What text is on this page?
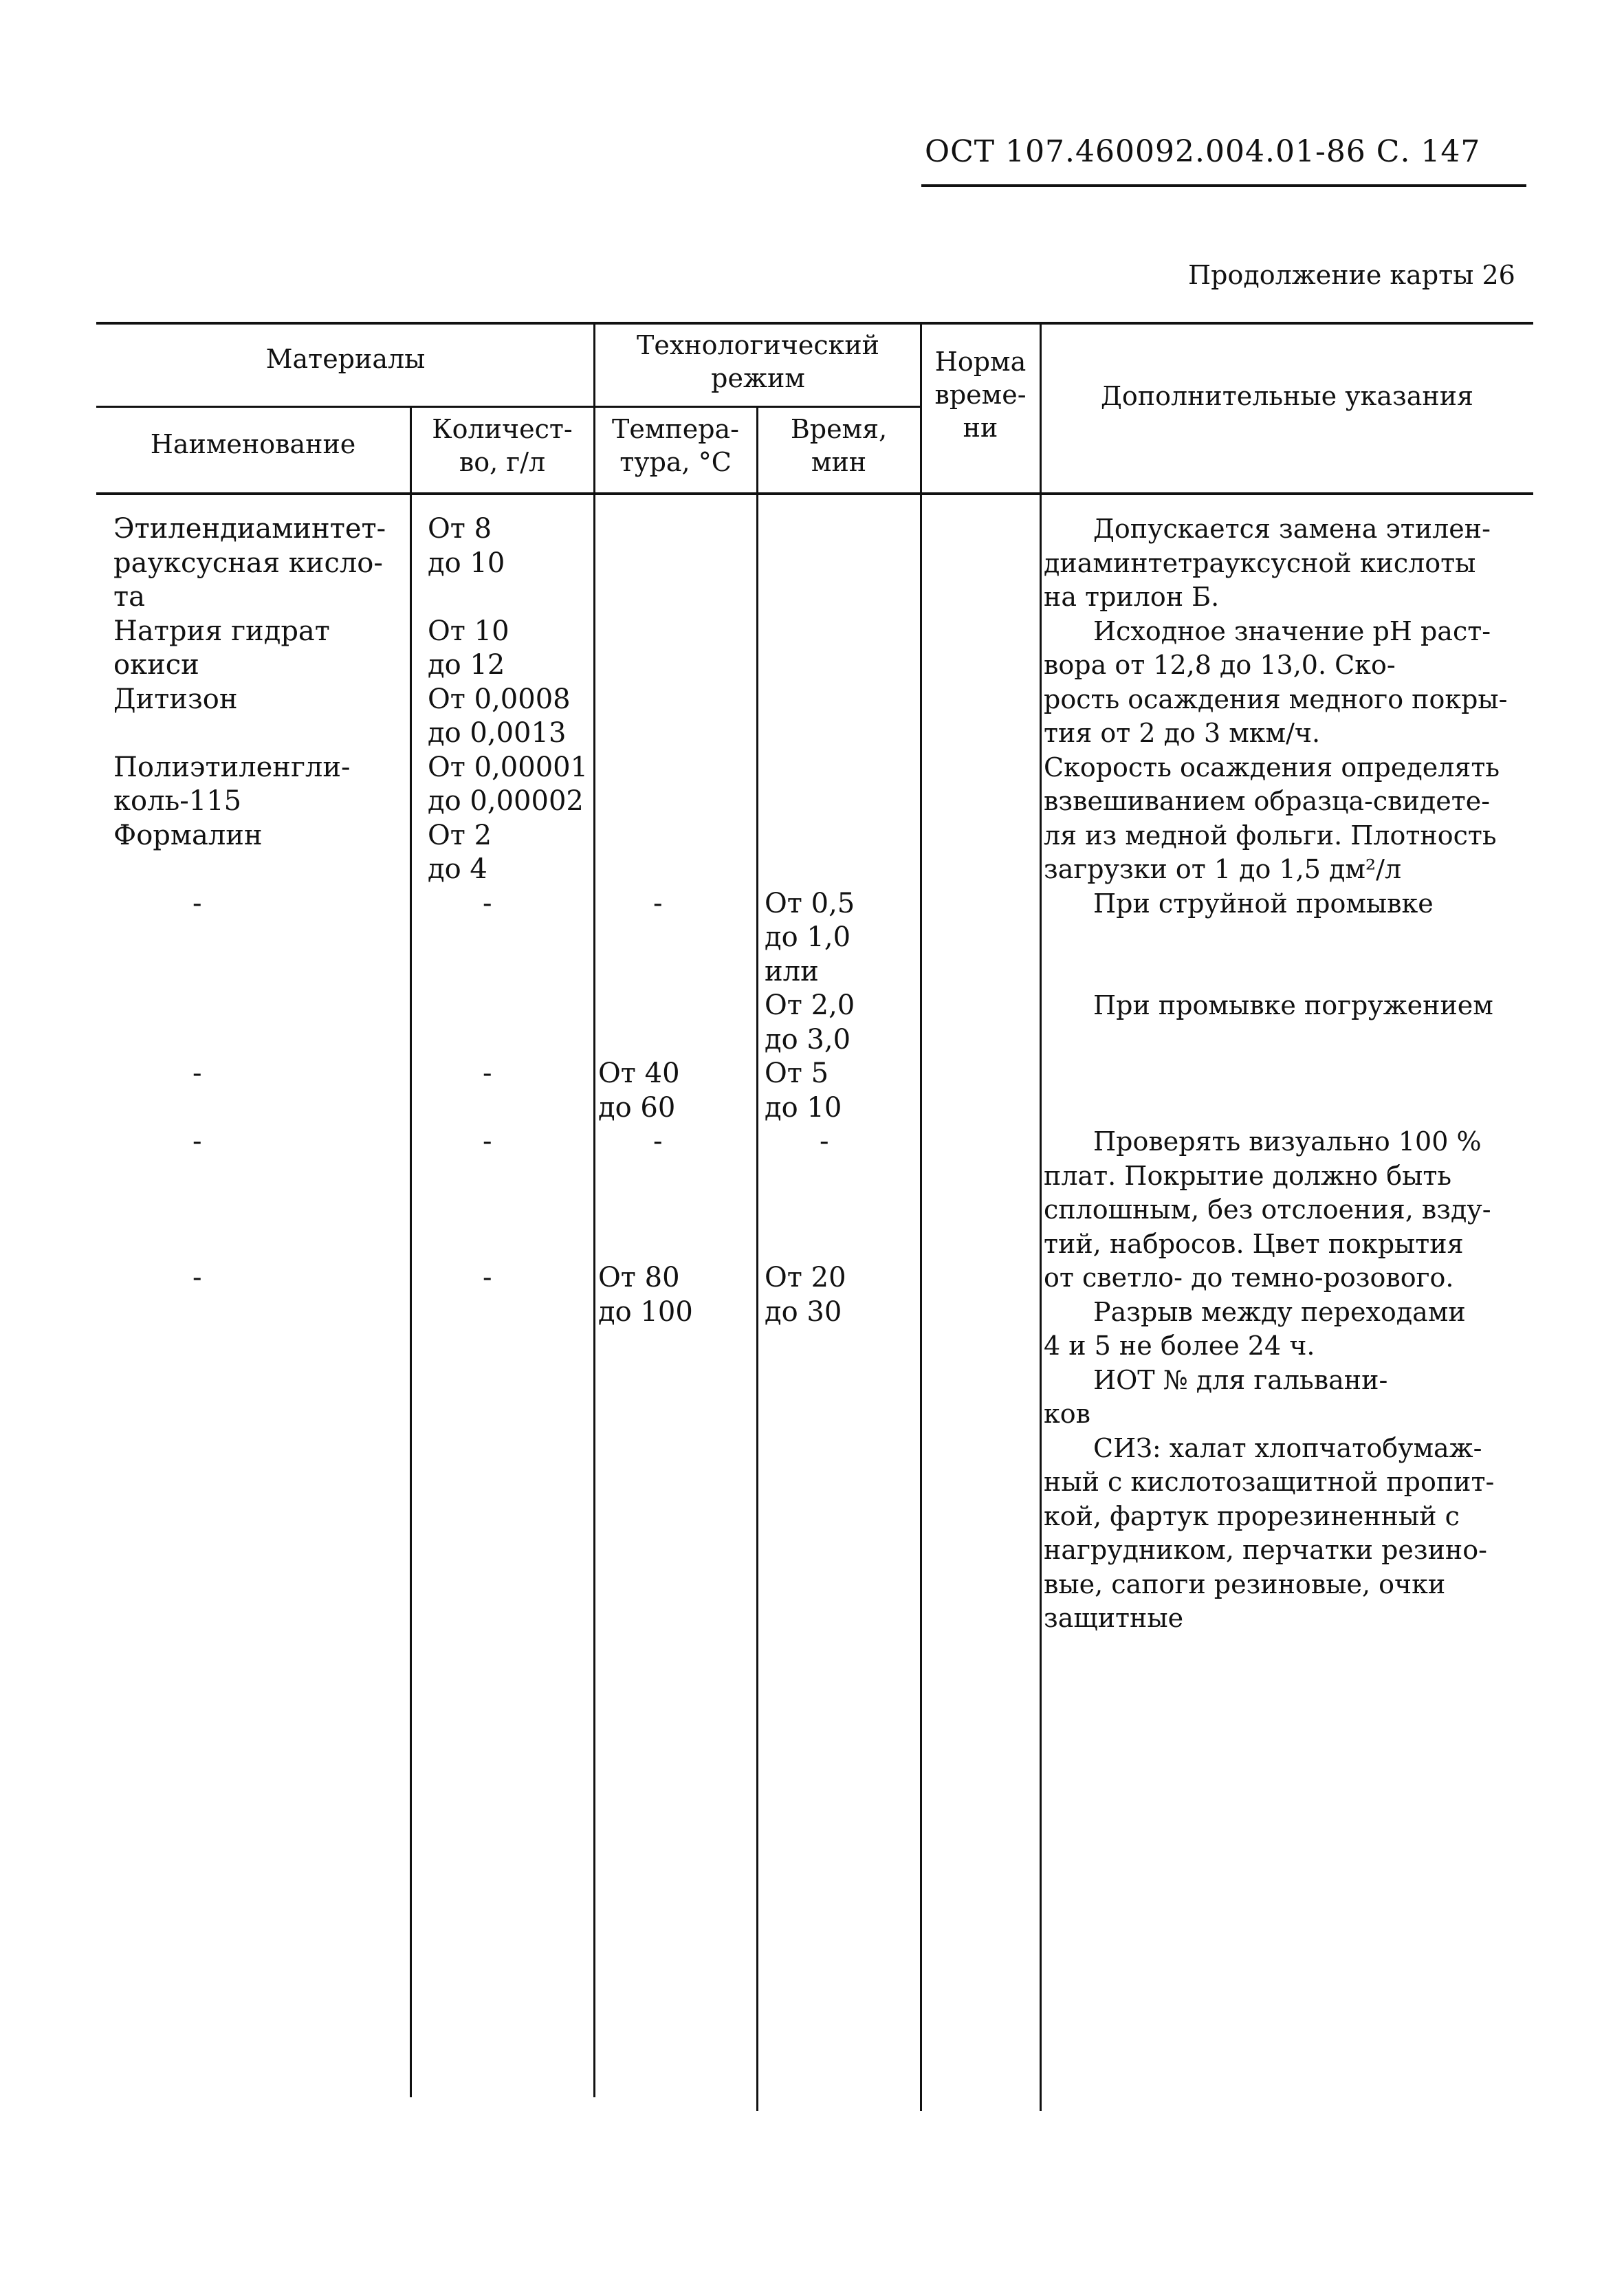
ОСТ 107.460092.004.01-86 С. 147
Продолжение карты 26
Материалы	Технологический
режим
Норма
време-
ни
Дополнительные указания
Наименование	Количест-
во, г/л
Темпера-
тура, °С
Время,
мин
Этилендиаминтет-
рауксусная кисло-
та
Натрия гидрат
окиси
Дитизон

Полиэтиленгли-
коль-115
Формалин

-

-

-

-
От 8
до 10

От 10
до 12
От 0,0008
до 0,0013
От 0,00001
до 0,00002
От 2
до 4
-

-

-

-

-

От 40
до 60
-

От 80
до 100

От 0,5
до 1,0
или
От 2,0
до 3,0
От 5
до 10
-

От 20
до 30
Допускается замена этилен-
диаминтетрауксусной кислоты
на трилон Б.
Исходное значение рН раст-
вора от 12,8 до 13,0. Ско-
рость осаждения медного покры-
тия от 2 до 3 мкм/ч.
Скорость осаждения определять
взвешиванием образца-свидете-
ля из медной фольги. Плотность
загрузки от 1 до 1,5 дм²/л
При струйной промывке

При промывке погружением

Проверять визуально 100 %
плат. Покрытие должно быть
сплошным, без отслоения, взду-
тий, набросов. Цвет покрытия
от светло- до темно-розового.
Разрыв между переходами
4 и 5 не более 24 ч.
ИОТ № для гальвани-
ков
СИЗ: халат хлопчатобумаж-
ный с кислотозащитной пропит-
кой, фартук прорезиненный с
нагрудником, перчатки резино-
вые, сапоги резиновые, очки
защитные
